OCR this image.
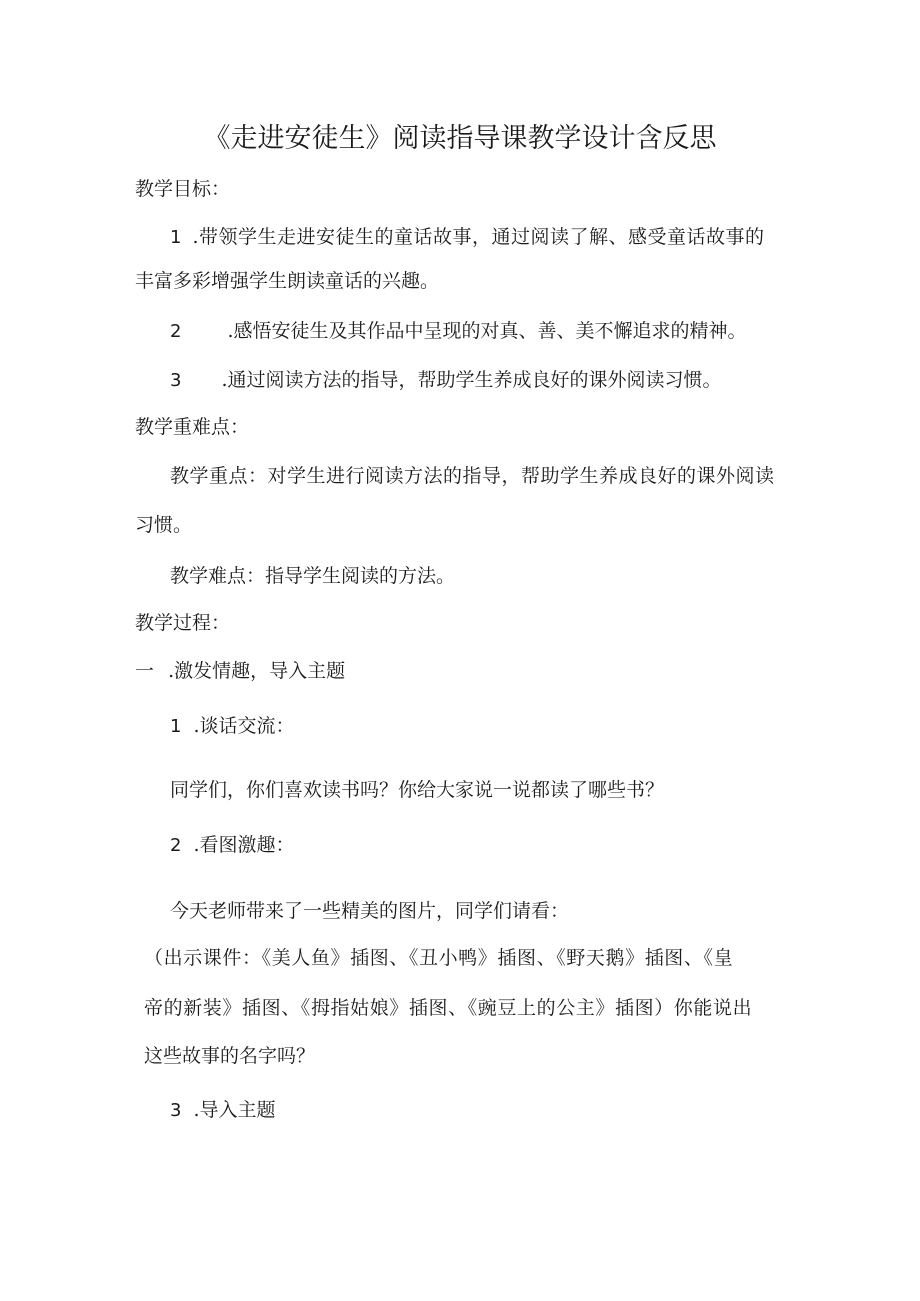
《走进安徒生》阅读指导课教学设计含反思
教学目标：
1 .带领学生走进安徒生的童话故事，通过阅读了解、感受童话故事的
丰富多彩增强学生朗读童话的兴趣。
2 .感悟安徒生及其作品中呈现的对真、善、美不懈追求的精神。
3 .通过阅读方法的指导，帮助学生养成良好的课外阅读习惯。
教学重难点：
教学重点：对学生进行阅读方法的指导，帮助学生养成良好的课外阅读
习惯。
教学难点：指导学生阅读的方法。
教学过程：
一 .激发情趣，导入主题
1 .谈话交流：
同学们，你们喜欢读书吗？你给大家说一说都读了哪些书？
2 .看图激趣：
今天老师带来了一些精美的图片，同学们请看：
（出示课件：《美人鱼》插图、《丑小鸭》插图、《野天鹅》插图、《皇
帝的新装》插图、《拇指姑娘》插图、《豌豆上的公主》插图）你能说出
这些故事的名字吗？
3 .导入主题
